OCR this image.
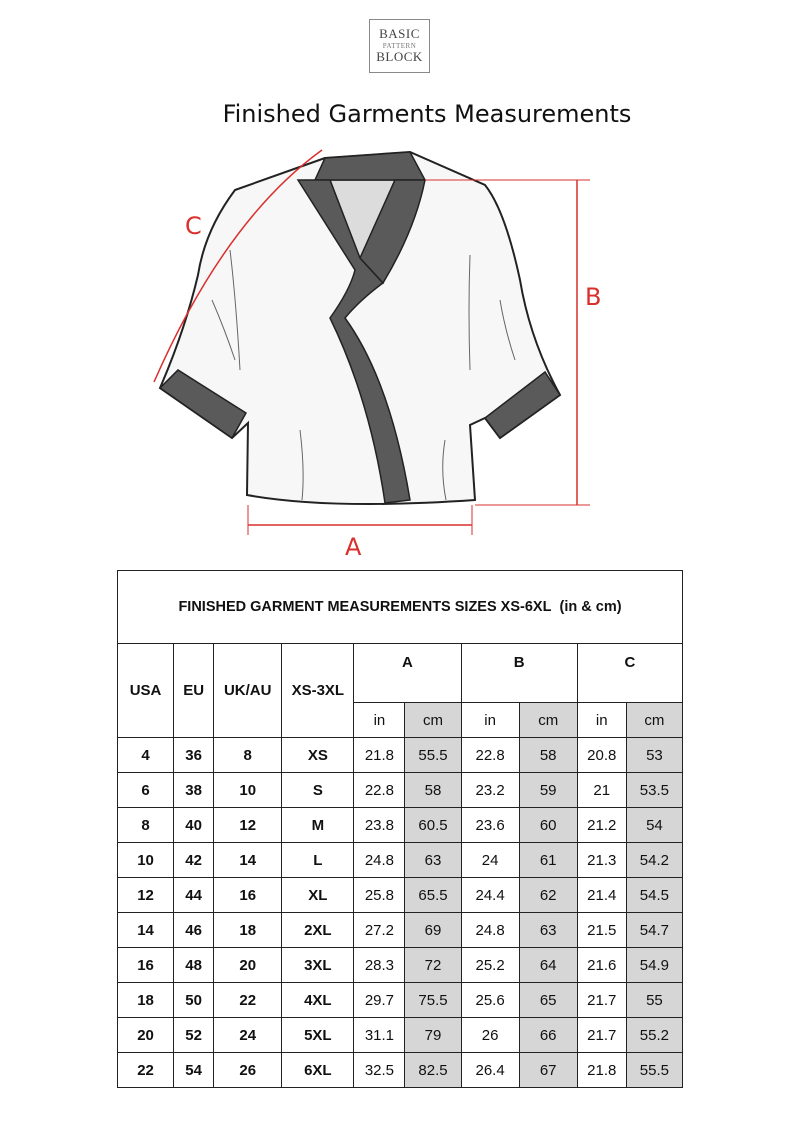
BASIC
PATTERN
BLOCK
Finished Garments Measurements
C
B
A
FINISHED GARMENT MEASUREMENTS SIZES XS-6XL (in & cm)									
USA	EU	UK/AU	XS-3XL	A		B		C	
				in	cm	in	cm	in	cm
4	36	8	XS	21.8	55.5	22.8	58	20.8	53
6	38	10	S	22.8	58	23.2	59	21	53.5
8	40	12	M	23.8	60.5	23.6	60	21.2	54
10	42	14	L	24.8	63	24	61	21.3	54.2
12	44	16	XL	25.8	65.5	24.4	62	21.4	54.5
14	46	18	2XL	27.2	69	24.8	63	21.5	54.7
16	48	20	3XL	28.3	72	25.2	64	21.6	54.9
18	50	22	4XL	29.7	75.5	25.6	65	21.7	55
20	52	24	5XL	31.1	79	26	66	21.7	55.2
22	54	26	6XL	32.5	82.5	26.4	67	21.8	55.5
